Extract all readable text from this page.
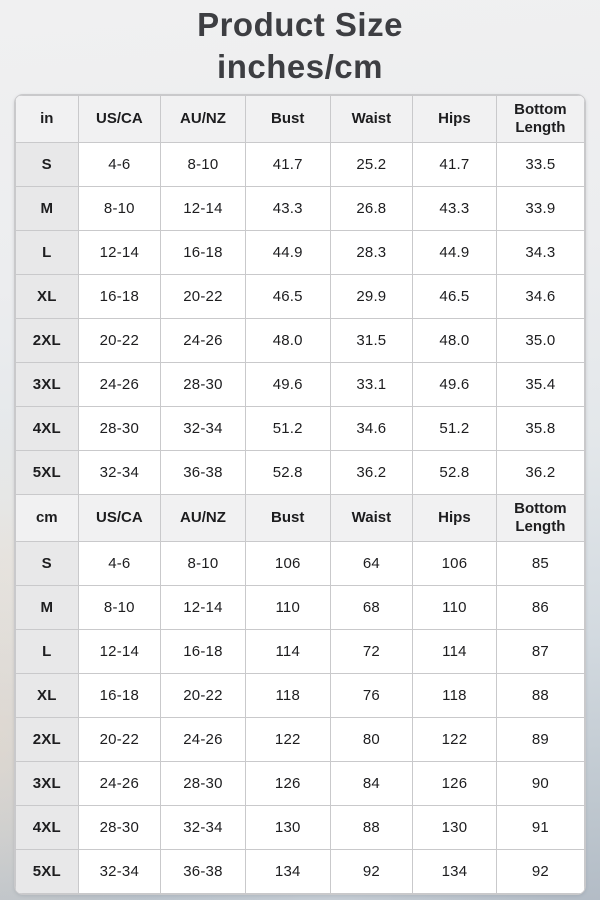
Product Size
inches/cm
in	US/CA	AU/NZ	Bust	Waist	Hips	Bottom Length
S	4-6	8-10	41.7	25.2	41.7	33.5
M	8-10	12-14	43.3	26.8	43.3	33.9
L	12-14	16-18	44.9	28.3	44.9	34.3
XL	16-18	20-22	46.5	29.9	46.5	34.6
2XL	20-22	24-26	48.0	31.5	48.0	35.0
3XL	24-26	28-30	49.6	33.1	49.6	35.4
4XL	28-30	32-34	51.2	34.6	51.2	35.8
5XL	32-34	36-38	52.8	36.2	52.8	36.2
cm	US/CA	AU/NZ	Bust	Waist	Hips	Bottom Length
S	4-6	8-10	106	64	106	85
M	8-10	12-14	110	68	110	86
L	12-14	16-18	114	72	114	87
XL	16-18	20-22	118	76	118	88
2XL	20-22	24-26	122	80	122	89
3XL	24-26	28-30	126	84	126	90
4XL	28-30	32-34	130	88	130	91
5XL	32-34	36-38	134	92	134	92
